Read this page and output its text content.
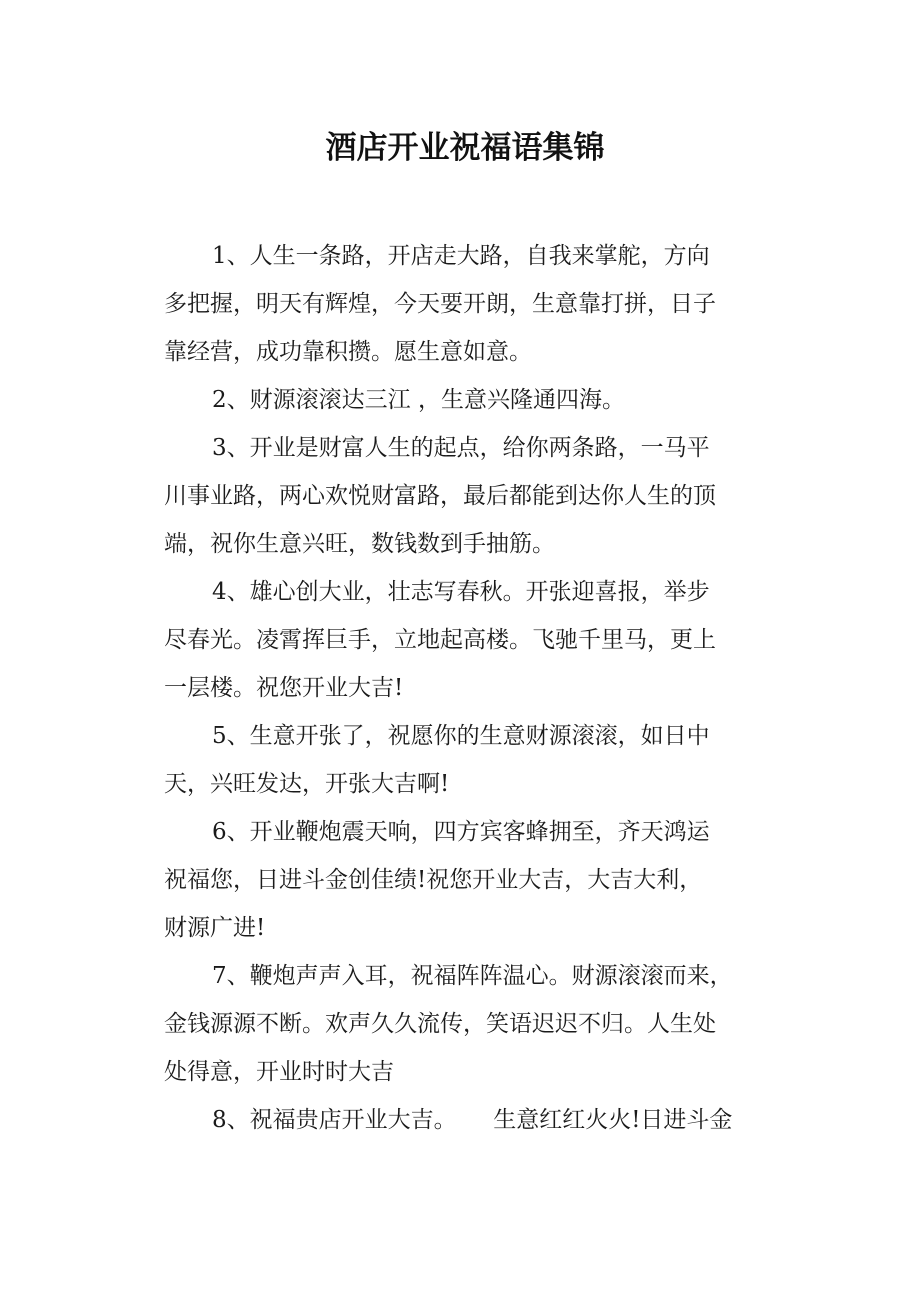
酒店开业祝福语集锦
1、人生一条路，开店走大路，自我来掌舵，方向
多把握，明天有辉煌，今天要开朗，生意靠打拼，日子
靠经营，成功靠积攒。愿生意如意。
2、财源滚滚达三江 ，生意兴隆通四海。
3、开业是财富人生的起点，给你两条路，一马平
川事业路，两心欢悦财富路，最后都能到达你人生的顶
端，祝你生意兴旺，数钱数到手抽筋。
4、雄心创大业，壮志写春秋。开张迎喜报，举步
尽春光。凌霄挥巨手，立地起高楼。飞驰千里马，更上
一层楼。祝您开业大吉!
5、生意开张了，祝愿你的生意财源滚滚，如日中
天，兴旺发达，开张大吉啊!
6、开业鞭炮震天响，四方宾客蜂拥至，齐天鸿运
祝福您，日进斗金创佳绩!祝您开业大吉，大吉大利，
财源广进!
7、鞭炮声声入耳，祝福阵阵温心。财源滚滚而来，
金钱源源不断。欢声久久流传，笑语迟迟不归。人生处
处得意，开业时时大吉
8、祝福贵店开业大吉。     生意红红火火!日进斗金
